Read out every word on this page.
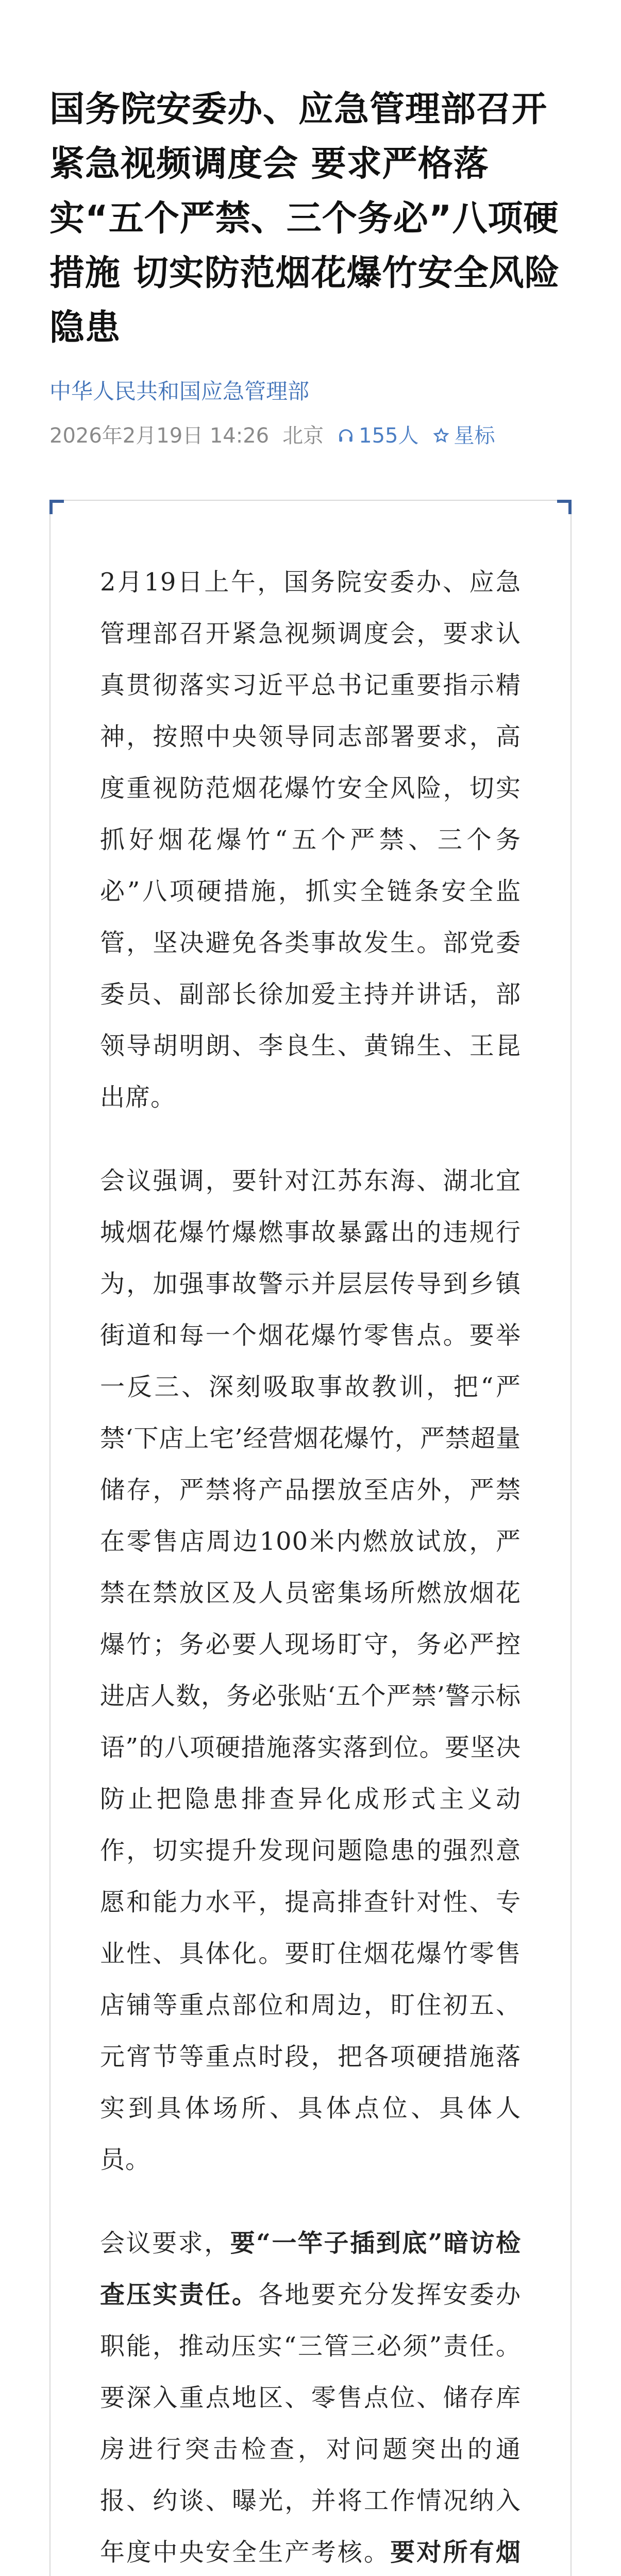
国务院安委办、应急管理部召开紧急视频调度会 要求严格落实“五个严禁、三个务必”八项硬措施 切实防范烟花爆竹安全风险隐患
中华人民共和国应急管理部
2026年2月19日 14:26 北京 155人 星标

2月19日上午，国务院安委办、应急管理部召开紧急视频调度会，要求认真贯彻落实习近平总书记重要指示精神，按照中央领导同志部署要求，高度重视防范烟花爆竹安全风险，切实抓好烟花爆竹“五个严禁、三个务必”八项硬措施，抓实全链条安全监管，坚决避免各类事故发生。部党委委员、副部长徐加爱主持并讲话，部领导胡明朗、李良生、黄锦生、王昆出席。

会议强调，要针对江苏东海、湖北宜城烟花爆竹爆燃事故暴露出的违规行为，加强事故警示并层层传导到乡镇街道和每一个烟花爆竹零售点。要举一反三、深刻吸取事故教训，把“严禁‘下店上宅’经营烟花爆竹，严禁超量储存，严禁将产品摆放至店外，严禁在零售店周边100米内燃放试放，严禁在禁放区及人员密集场所燃放烟花爆竹；务必要人现场盯守，务必严控进店人数，务必张贴‘五个严禁’警示标语”的八项硬措施落实落到位。要坚决防止把隐患排查异化成形式主义动作，切实提升发现问题隐患的强烈意愿和能力水平，提高排查针对性、专业性、具体化。要盯住烟花爆竹零售店铺等重点部位和周边，盯住初五、元宵节等重点时段，把各项硬措施落实到具体场所、具体点位、具体人员。

会议要求，要“一竿子插到底”暗访检查压实责任。各地要充分发挥安委办职能，推动压实“三管三必须”责任。要深入重点地区、零售点位、储存库房进行突击检查，对问题突出的通报、约谈、曝光，并将工作情况纳入年度中央安全生产考核。要对所有烟
